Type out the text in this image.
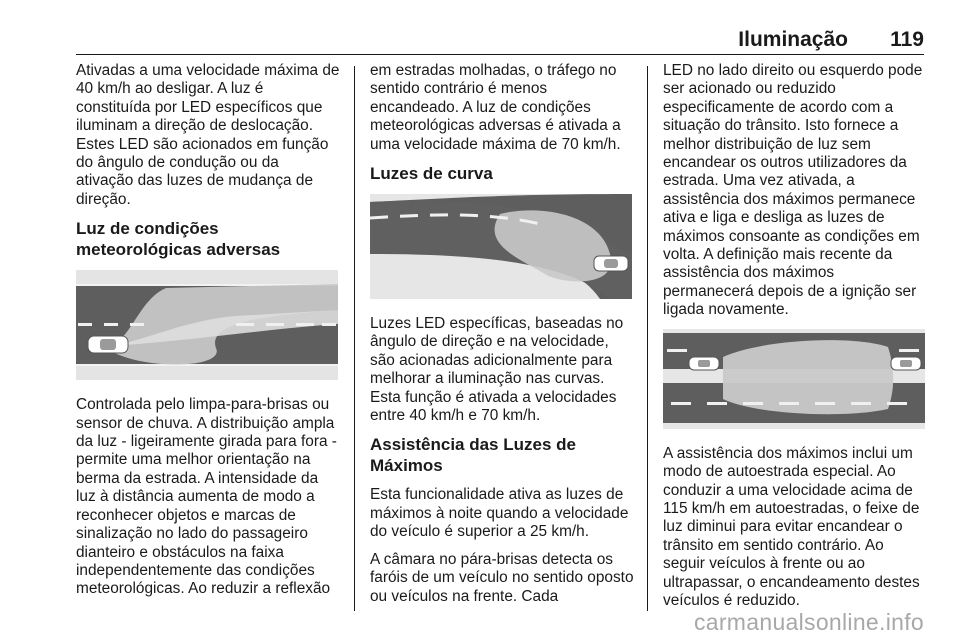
Iluminação 119

Ativadas a uma velocidade máxima de 40 km/h ao desligar. A luz é constituída por LED específicos que iluminam a direção de deslocação. Estes LED são acionados em função do ângulo de condução ou da ativação das luzes de mudança de direção.

Luz de condições meteorológicas adversas

Controlada pelo limpa-para-brisas ou sensor de chuva. A distribuição ampla da luz - ligeiramente girada para fora - permite uma melhor orientação na berma da estrada. A intensidade da luz à distância aumenta de modo a reconhecer objetos e marcas de sinalização no lado do passageiro dianteiro e obstáculos na faixa independentemente das condições meteorológicas. Ao reduzir a reflexão

em estradas molhadas, o tráfego no sentido contrário é menos encandeado. A luz de condições meteorológicas adversas é ativada a uma velocidade máxima de 70 km/h.

Luzes de curva

Luzes LED específicas, baseadas no ângulo de direção e na velocidade, são acionadas adicionalmente para melhorar a iluminação nas curvas. Esta função é ativada a velocidades entre 40 km/h e 70 km/h.

Assistência das Luzes de Máximos

Esta funcionalidade ativa as luzes de máximos à noite quando a velocidade do veículo é superior a 25 km/h.

A câmara no pára-brisas detecta os faróis de um veículo no sentido oposto ou veículos na frente. Cada

LED no lado direito ou esquerdo pode ser acionado ou reduzido especificamente de acordo com a situação do trânsito. Isto fornece a melhor distribuição de luz sem encandear os outros utilizadores da estrada. Uma vez ativada, a assistência dos máximos permanece ativa e liga e desliga as luzes de máximos consoante as condições em volta. A definição mais recente da assistência dos máximos permanecerá depois de a ignição ser ligada novamente.

A assistência dos máximos inclui um modo de autoestrada especial. Ao conduzir a uma velocidade acima de 115 km/h em autoestradas, o feixe de luz diminui para evitar encandear o trânsito em sentido contrário. Ao seguir veículos à frente ou ao ultrapassar, o encandeamento destes veículos é reduzido.

carmanualsonline.info
